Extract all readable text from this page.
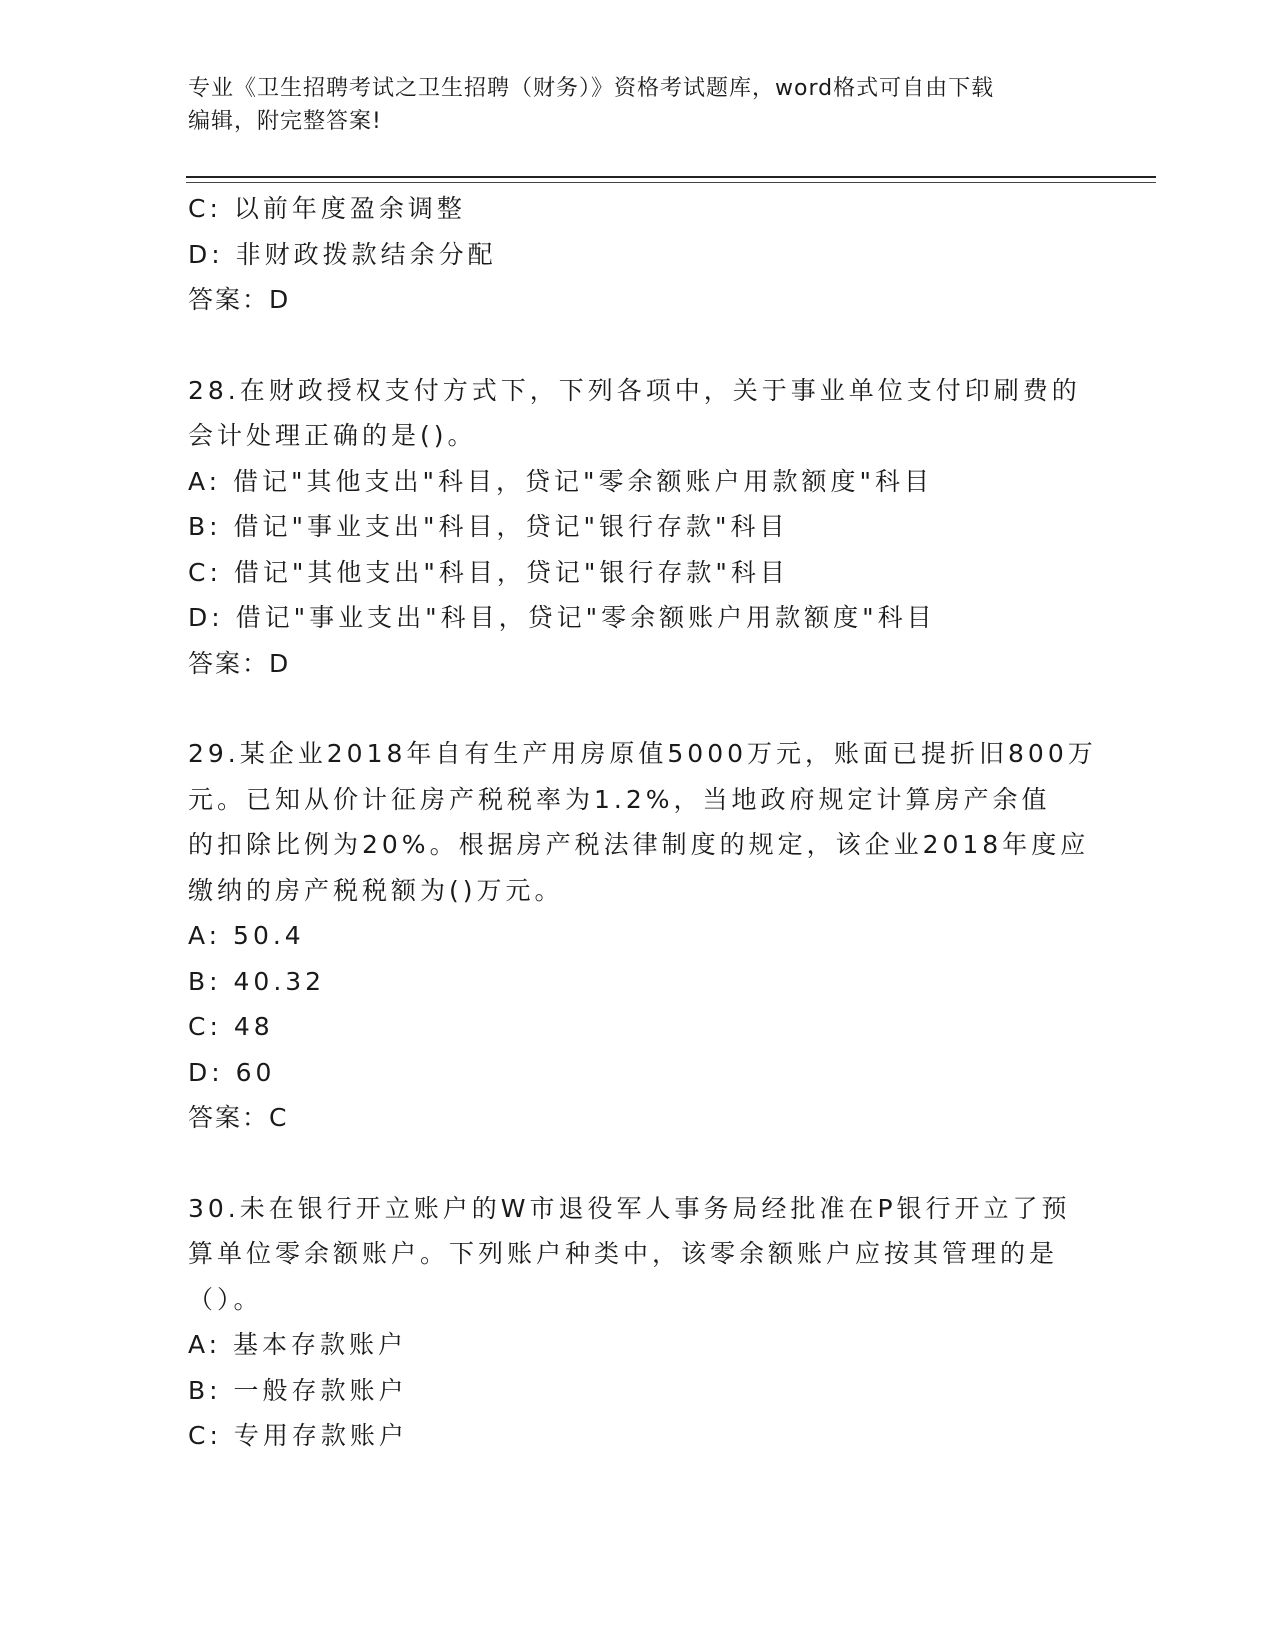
专业《卫生招聘考试之卫生招聘（财务）》资格考试题库，word格式可自由下载
编辑，附完整答案!
C: 以前年度盈余调整
D: 非财政拨款结余分配
答案：D
28.在财政授权支付方式下，下列各项中，关于事业单位支付印刷费的
会计处理正确的是()。
A: 借记"其他支出"科目，贷记"零余额账户用款额度"科目
B: 借记"事业支出"科目，贷记"银行存款"科目
C: 借记"其他支出"科目，贷记"银行存款"科目
D: 借记"事业支出"科目，贷记"零余额账户用款额度"科目
答案：D
29.某企业2018年自有生产用房原值5000万元，账面已提折旧800万
元。已知从价计征房产税税率为1.2%，当地政府规定计算房产余值
的扣除比例为20%。根据房产税法律制度的规定，该企业2018年度应
缴纳的房产税税额为()万元。
A: 50.4
B: 40.32
C: 48
D: 60
答案：C
30.未在银行开立账户的W市退役军人事务局经批准在P银行开立了预
算单位零余额账户。下列账户种类中，该零余额账户应按其管理的是
（）。
A: 基本存款账户
B: 一般存款账户
C: 专用存款账户
